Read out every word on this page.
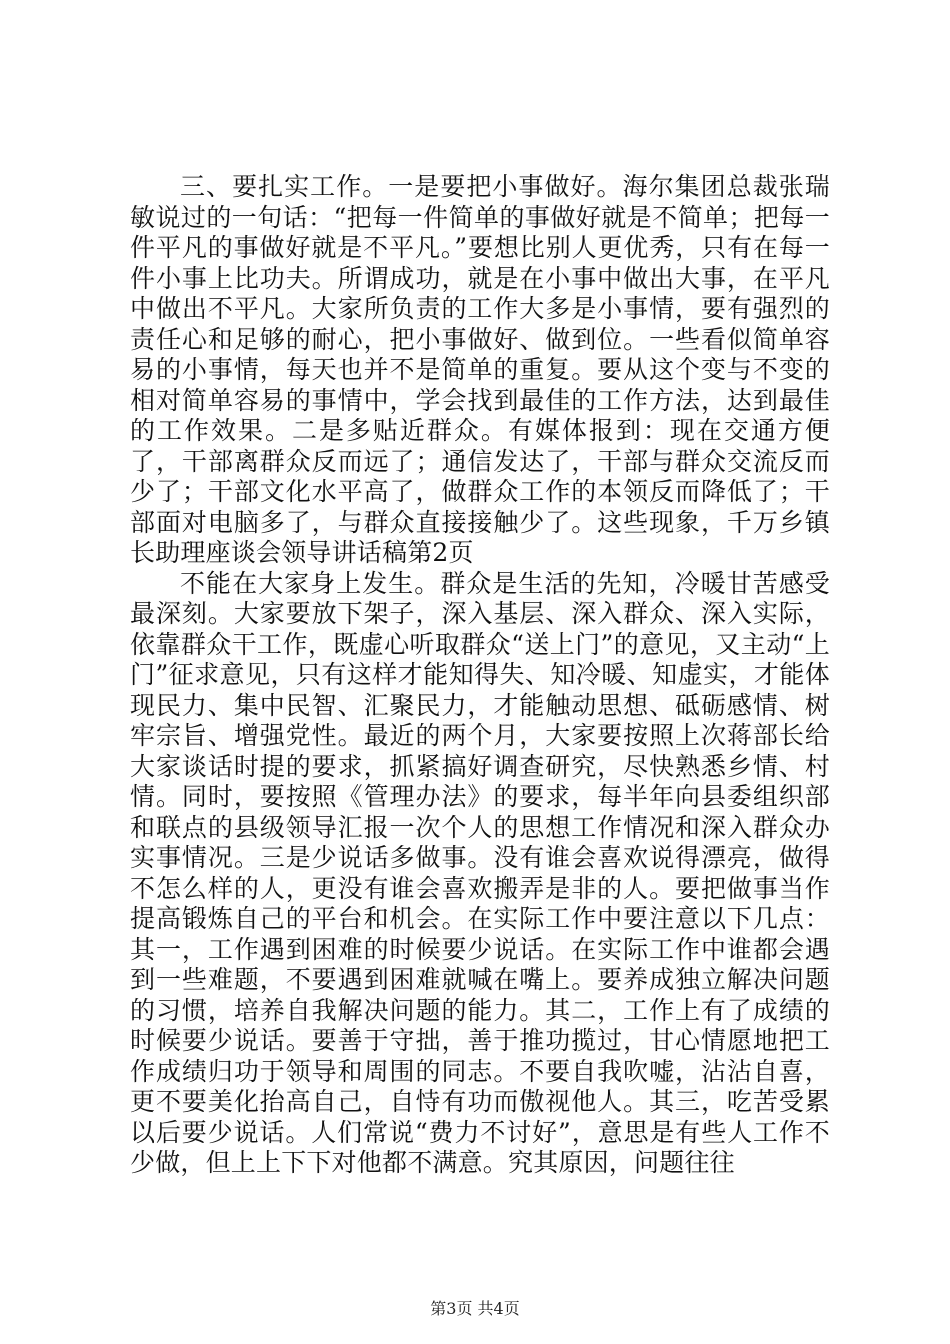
三、要扎实工作。一是要把小事做好。海尔集团总裁张瑞敏说过的一句话：“把每一件简单的事做好就是不简单；把每一件平凡的事做好就是不平凡。”要想比别人更优秀，只有在每一件小事上比功夫。所谓成功，就是在小事中做出大事，在平凡中做出不平凡。大家所负责的工作大多是小事情，要有强烈的责任心和足够的耐心，把小事做好、做到位。一些看似简单容易的小事情，每天也并不是简单的重复。要从这个变与不变的相对简单容易的事情中，学会找到最佳的工作方法，达到最佳的工作效果。二是多贴近群众。有媒体报到：现在交通方便了，干部离群众反而远了；通信发达了，干部与群众交流反而少了；干部文化水平高了，做群众工作的本领反而降低了；干部面对电脑多了，与群众直接接触少了。这些现象，千万乡镇长助理座谈会领导讲话稿第2页

不能在大家身上发生。群众是生活的先知，冷暖甘苦感受最深刻。大家要放下架子，深入基层、深入群众、深入实际，依靠群众干工作，既虚心听取群众“送上门”的意见，又主动“上门”征求意见，只有这样才能知得失、知冷暖、知虚实，才能体现民力、集中民智、汇聚民力，才能触动思想、砥砺感情、树牢宗旨、增强党性。最近的两个月，大家要按照上次蒋部长给大家谈话时提的要求，抓紧搞好调查研究，尽快熟悉乡情、村情。同时，要按照《管理办法》的要求，每半年向县委组织部和联点的县级领导汇报一次个人的思想工作情况和深入群众办实事情况。三是少说话多做事。没有谁会喜欢说得漂亮，做得不怎么样的人，更没有谁会喜欢搬弄是非的人。要把做事当作提高锻炼自己的平台和机会。在实际工作中要注意以下几点：其一，工作遇到困难的时候要少说话。在实际工作中谁都会遇到一些难题，不要遇到困难就喊在嘴上。要养成独立解决问题的习惯，培养自我解决问题的能力。其二，工作上有了成绩的时候要少说话。要善于守拙，善于推功揽过，甘心情愿地把工作成绩归功于领导和周围的同志。不要自我吹嘘，沾沾自喜，更不要美化抬高自己，自恃有功而傲视他人。其三，吃苦受累以后要少说话。人们常说“费力不讨好”，意思是有些人工作不少做，但上上下下对他都不满意。究其原因，问题往往

第3页 共4页
